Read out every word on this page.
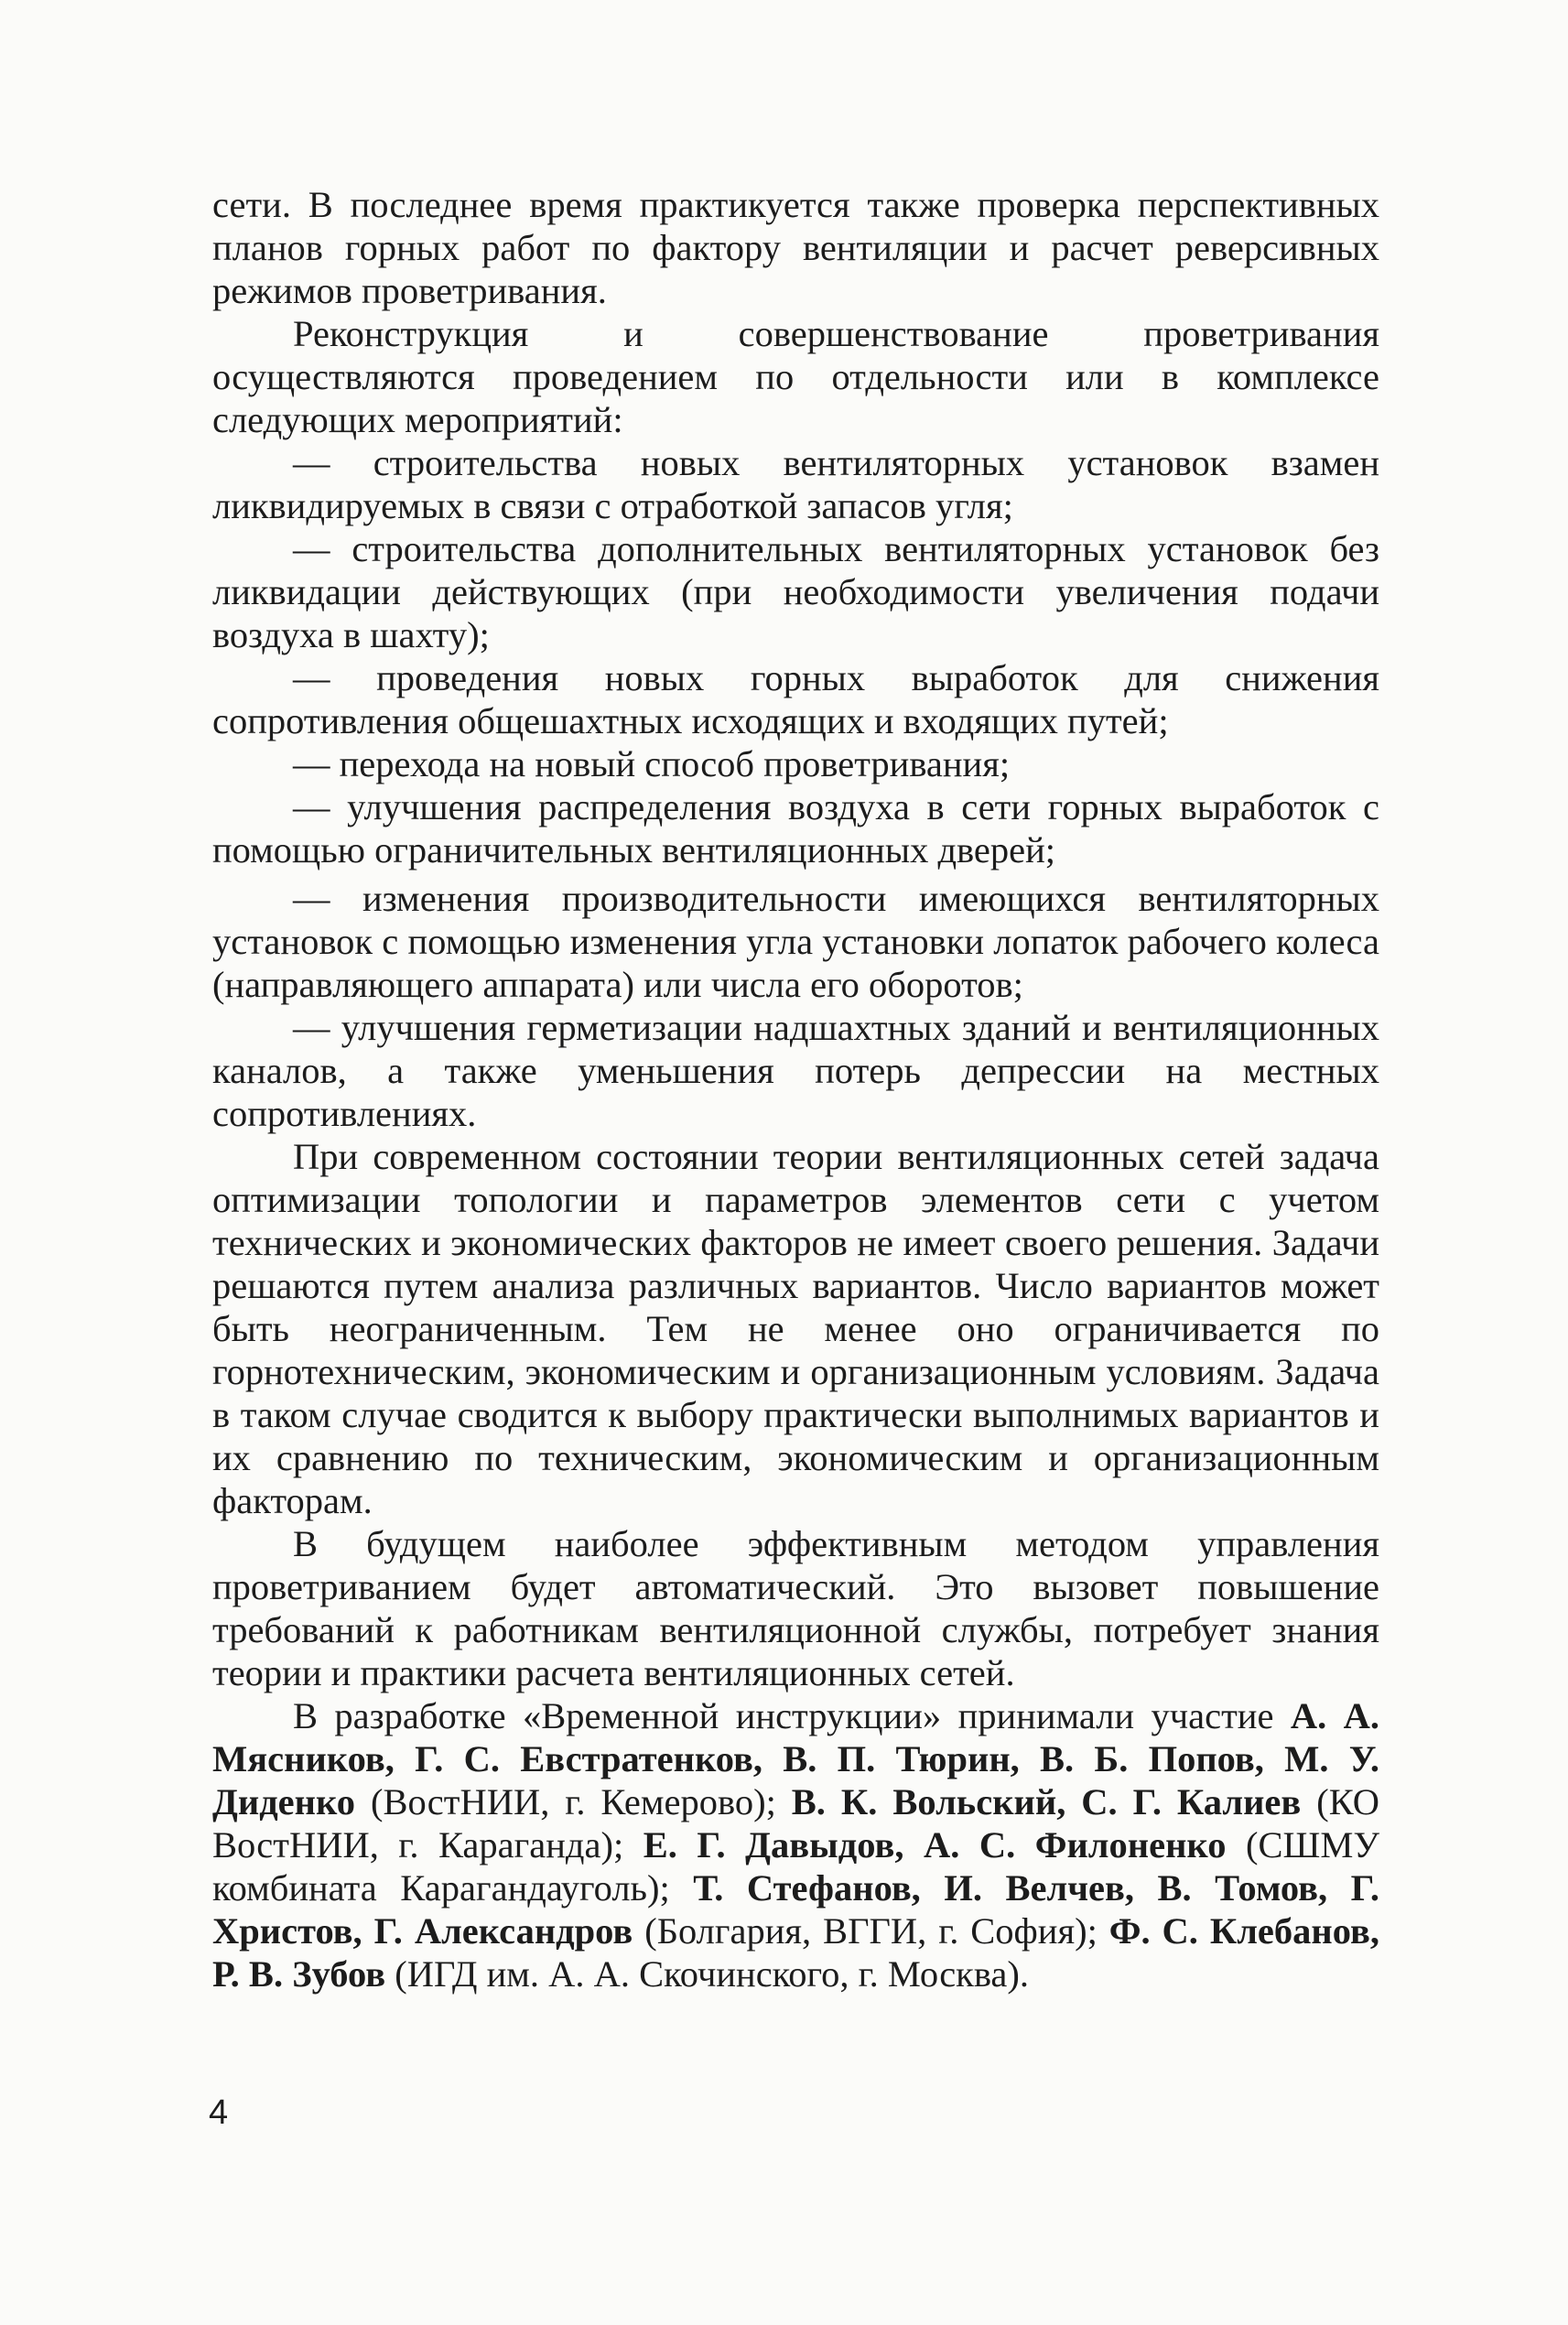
сети. В последнее время практикуется также проверка перспективных планов горных работ по фактору вентиляции и расчет реверсивных режимов проветривания.

Реконструкция и совершенствование проветривания осуществляются проведением по отдельности или в комплексе следующих мероприятий:

— строительства новых вентиляторных установок взамен ликвидируемых в связи с отработкой запасов угля;

— строительства дополнительных вентиляторных установок без ликвидации действующих (при необходимости увеличения подачи воздуха в шахту);

— проведения новых горных выработок для снижения сопротивления общешахтных исходящих и входящих путей;

— перехода на новый способ проветривания;

— улучшения распределения воздуха в сети горных выработок с помощью ограничительных вентиляционных дверей;

— изменения производительности имеющихся вентиляторных установок с помощью изменения угла установки лопаток рабочего колеса (направляющего аппарата) или числа его оборотов;

— улучшения герметизации надшахтных зданий и вентиляционных каналов, а также уменьшения потерь депрессии на местных сопротивлениях.

При современном состоянии теории вентиляционных сетей задача оптимизации топологии и параметров элементов сети с учетом технических и экономических факторов не имеет своего решения. Задачи решаются путем анализа различных вариантов. Число вариантов может быть неограниченным. Тем не менее оно ограничивается по горнотехническим, экономическим и организационным условиям. Задача в таком случае сводится к выбору практически выполнимых вариантов и их сравнению по техническим, экономическим и организационным факторам.

В будущем наиболее эффективным методом управления проветриванием будет автоматический. Это вызовет повышение требований к работникам вентиляционной службы, потребует знания теории и практики расчета вентиляционных сетей.

В разработке «Временной инструкции» принимали участие А. А. Мясников, Г. С. Евстратенков, В. П. Тюрин, В. Б. Попов, М. У. Диденко (ВостНИИ, г. Кемерово); В. К. Вольский, С. Г. Калиев (КО ВостНИИ, г. Караганда); Е. Г. Давыдов, А. С. Филоненко (СШМУ комбината Карагандауголь); Т. Стефанов, И. Велчев, В. Томов, Г. Христов, Г. Александров (Болгария, ВГГИ, г. София); Ф. С. Клебанов, Р. В. Зубов (ИГД им. А. А. Скочинского, г. Москва).

4
